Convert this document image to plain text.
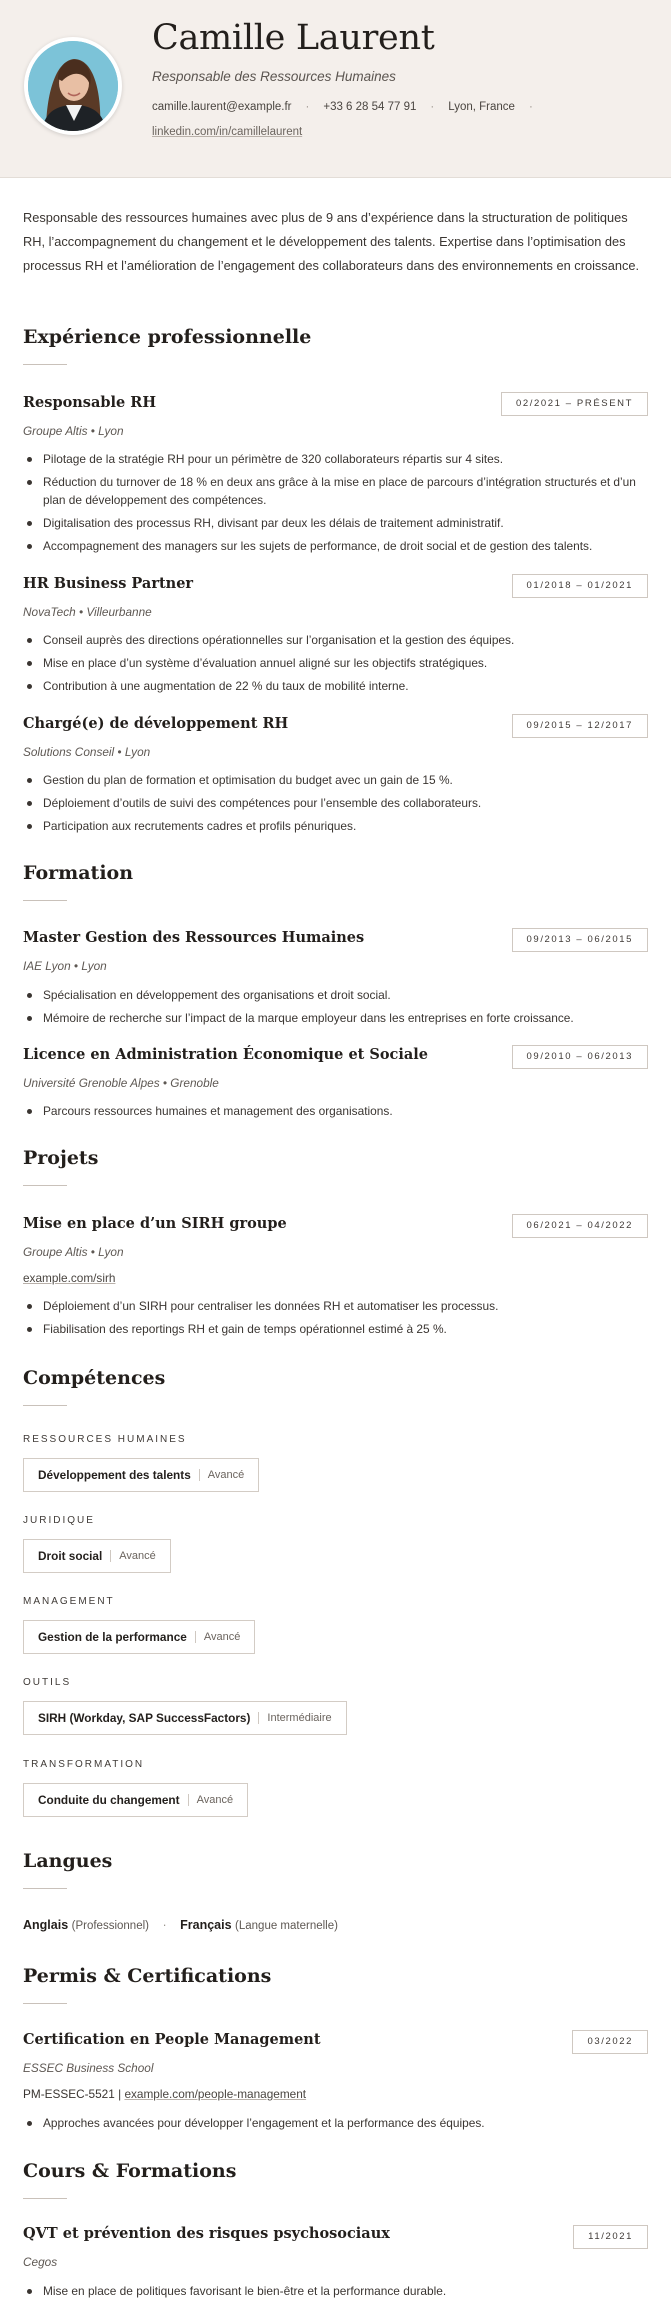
Camille Laurent
Responsable des Ressources Humaines
camille.laurent@example.fr · +33 6 28 54 77 91 · Lyon, France ·
linkedin.com/in/camillelaurent

Responsable des ressources humaines avec plus de 9 ans d’expérience dans la structuration de politiques RH, l’accompagnement du changement et le développement des talents. Expertise dans l’optimisation des processus RH et l’amélioration de l’engagement des collaborateurs dans des environnements en croissance.

Expérience professionnelle
Responsable RH	02/2021 – PRÉSENT
Groupe Altis • Lyon
Pilotage de la stratégie RH pour un périmètre de 320 collaborateurs répartis sur 4 sites.
Réduction du turnover de 18 % en deux ans grâce à la mise en place de parcours d’intégration structurés et d’un plan de développement des compétences.
Digitalisation des processus RH, divisant par deux les délais de traitement administratif.
Accompagnement des managers sur les sujets de performance, de droit social et de gestion des talents.
HR Business Partner	01/2018 – 01/2021
NovaTech • Villeurbanne
Conseil auprès des directions opérationnelles sur l’organisation et la gestion des équipes.
Mise en place d’un système d’évaluation annuel aligné sur les objectifs stratégiques.
Contribution à une augmentation de 22 % du taux de mobilité interne.
Chargé(e) de développement RH	09/2015 – 12/2017
Solutions Conseil • Lyon
Gestion du plan de formation et optimisation du budget avec un gain de 15 %.
Déploiement d’outils de suivi des compétences pour l’ensemble des collaborateurs.
Participation aux recrutements cadres et profils pénuriques.
Formation
Master Gestion des Ressources Humaines	09/2013 – 06/2015
IAE Lyon • Lyon
Spécialisation en développement des organisations et droit social.
Mémoire de recherche sur l’impact de la marque employeur dans les entreprises en forte croissance.
Licence en Administration Économique et Sociale	09/2010 – 06/2013
Université Grenoble Alpes • Grenoble
Parcours ressources humaines et management des organisations.
Projets
Mise en place d’un SIRH groupe	06/2021 – 04/2022
Groupe Altis • Lyon
example.com/sirh
Déploiement d’un SIRH pour centraliser les données RH et automatiser les processus.
Fiabilisation des reportings RH et gain de temps opérationnel estimé à 25 %.
Compétences
RESSOURCES HUMAINES
Développement des talents Avancé
JURIDIQUE
Droit social Avancé
MANAGEMENT
Gestion de la performance Avancé
OUTILS
SIRH (Workday, SAP SuccessFactors) Intermédiaire
TRANSFORMATION
Conduite du changement Avancé
Langues
Anglais (Professionnel) · Français (Langue maternelle)
Permis & Certifications
Certification en People Management	03/2022
ESSEC Business School
PM-ESSEC-5521 | example.com/people-management
Approches avancées pour développer l’engagement et la performance des équipes.
Cours & Formations
QVT et prévention des risques psychosociaux	11/2021
Cegos
Mise en place de politiques favorisant le bien-être et la performance durable.
